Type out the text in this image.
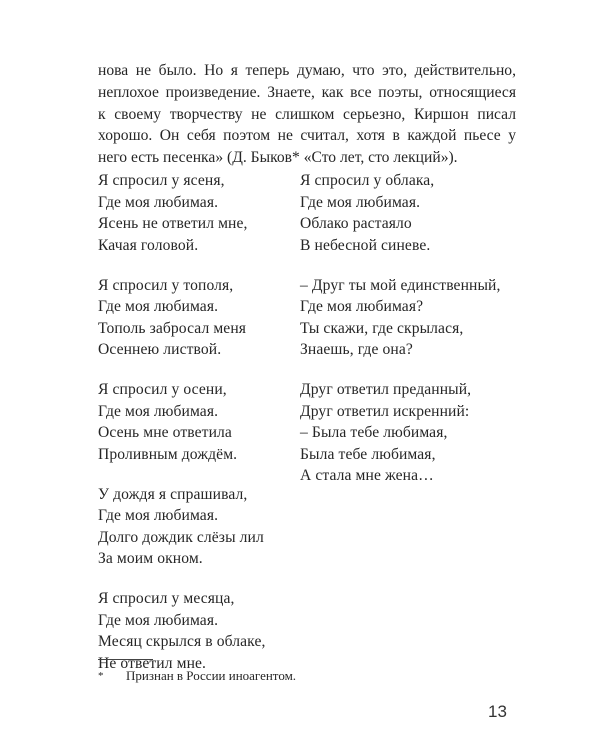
нова не было. Но я теперь думаю, что это, действительно,
неплохое произведение. Знаете, как все поэты, относящиеся
к своему творчеству не слишком серьезно, Киршон писал
хорошо. Он себя поэтом не считал, хотя в каждой пьесе у
него есть песенка» (Д. Быков* «Сто лет, сто лекций»).
Я спросил у ясеня,
Где моя любимая.
Ясень не ответил мне,
Качая головой.
Я спросил у тополя,
Где моя любимая.
Тополь забросал меня
Осеннею листвой.
Я спросил у осени,
Где моя любимая.
Осень мне ответила
Проливным дождём.
У дождя я спрашивал,
Где моя любимая.
Долго дождик слёзы лил
За моим окном.
Я спросил у месяца,
Где моя любимая.
Месяц скрылся в облаке,
Не ответил мне.
Я спросил у облака,
Где моя любимая.
Облако растаяло
В небесной синеве.
– Друг ты мой единственный,
Где моя любимая?
Ты скажи, где скрылася,
Знаешь, где она?
Друг ответил преданный,
Друг ответил искренний:
– Была тебе любимая,
Была тебе любимая,
А стала мне жена…
* Признан в России иноагентом.
13
